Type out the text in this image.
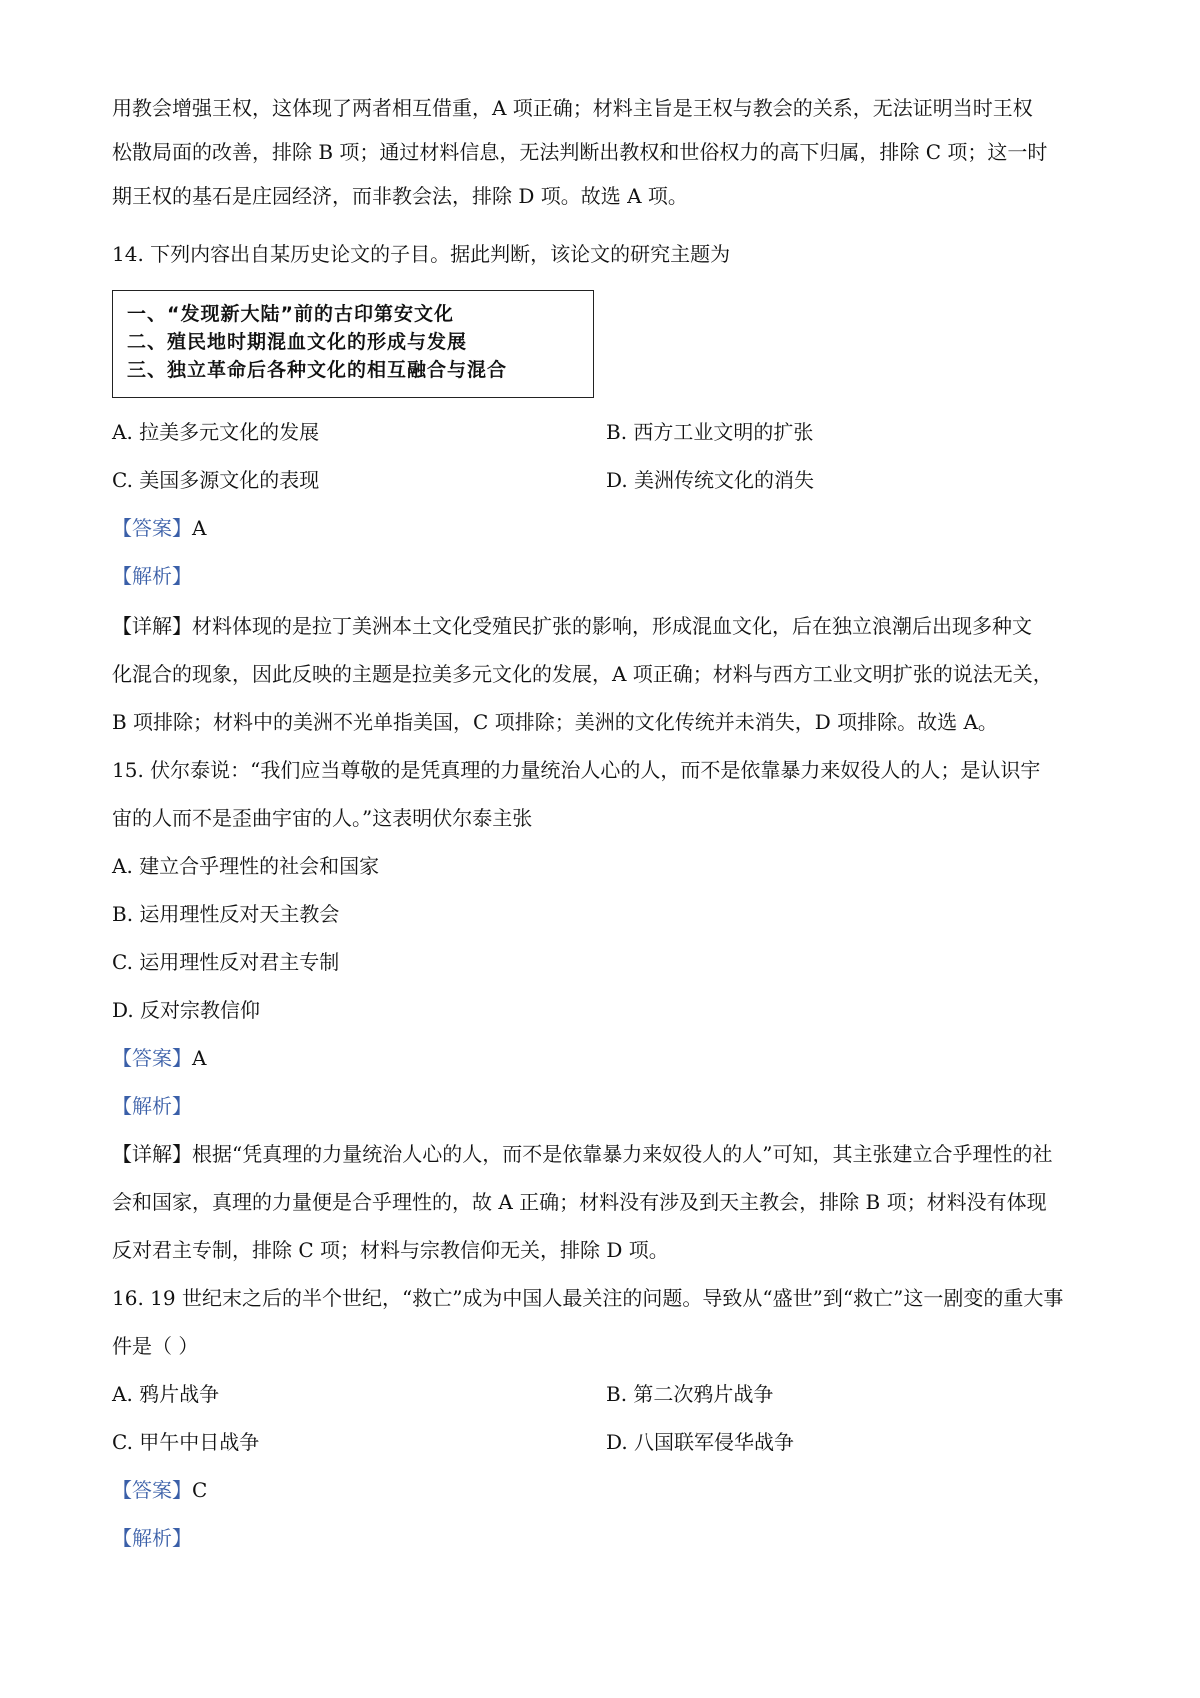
用教会增强王权，这体现了两者相互借重，A 项正确；材料主旨是王权与教会的关系，无法证明当时王权
松散局面的改善，排除 B 项；通过材料信息，无法判断出教权和世俗权力的高下归属，排除 C 项；这一时
期王权的基石是庄园经济，而非教会法，排除 D 项。故选 A 项。
14. 下列内容出自某历史论文的子目。据此判断，该论文的研究主题为
一、“发现新大陆”前的古印第安文化
二、殖民地时期混血文化的形成与发展
三、独立革命后各种文化的相互融合与混合
A. 拉美多元文化的发展	B. 西方工业文明的扩张
C. 美国多源文化的表现	D. 美洲传统文化的消失
【答案】A
【解析】
【详解】材料体现的是拉丁美洲本土文化受殖民扩张的影响，形成混血文化，后在独立浪潮后出现多种文
化混合的现象，因此反映的主题是拉美多元文化的发展，A 项正确；材料与西方工业文明扩张的说法无关，
B 项排除；材料中的美洲不光单指美国，C 项排除；美洲的文化传统并未消失，D 项排除。故选 A。
15. 伏尔泰说：“我们应当尊敬的是凭真理的力量统治人心的人，而不是依靠暴力来奴役人的人；是认识宇
宙的人而不是歪曲宇宙的人。”这表明伏尔泰主张
A. 建立合乎理性的社会和国家
B. 运用理性反对天主教会
C. 运用理性反对君主专制
D. 反对宗教信仰
【答案】A
【解析】
【详解】根据“凭真理的力量统治人心的人，而不是依靠暴力来奴役人的人”可知，其主张建立合乎理性的社
会和国家，真理的力量便是合乎理性的，故 A 正确；材料没有涉及到天主教会，排除 B 项；材料没有体现
反对君主专制，排除 C 项；材料与宗教信仰无关，排除 D 项。
16. 19 世纪末之后的半个世纪，“救亡”成为中国人最关注的问题。导致从“盛世”到“救亡”这一剧变的重大事
件是（ ）
A. 鸦片战争	B. 第二次鸦片战争
C. 甲午中日战争	D. 八国联军侵华战争
【答案】C
【解析】
